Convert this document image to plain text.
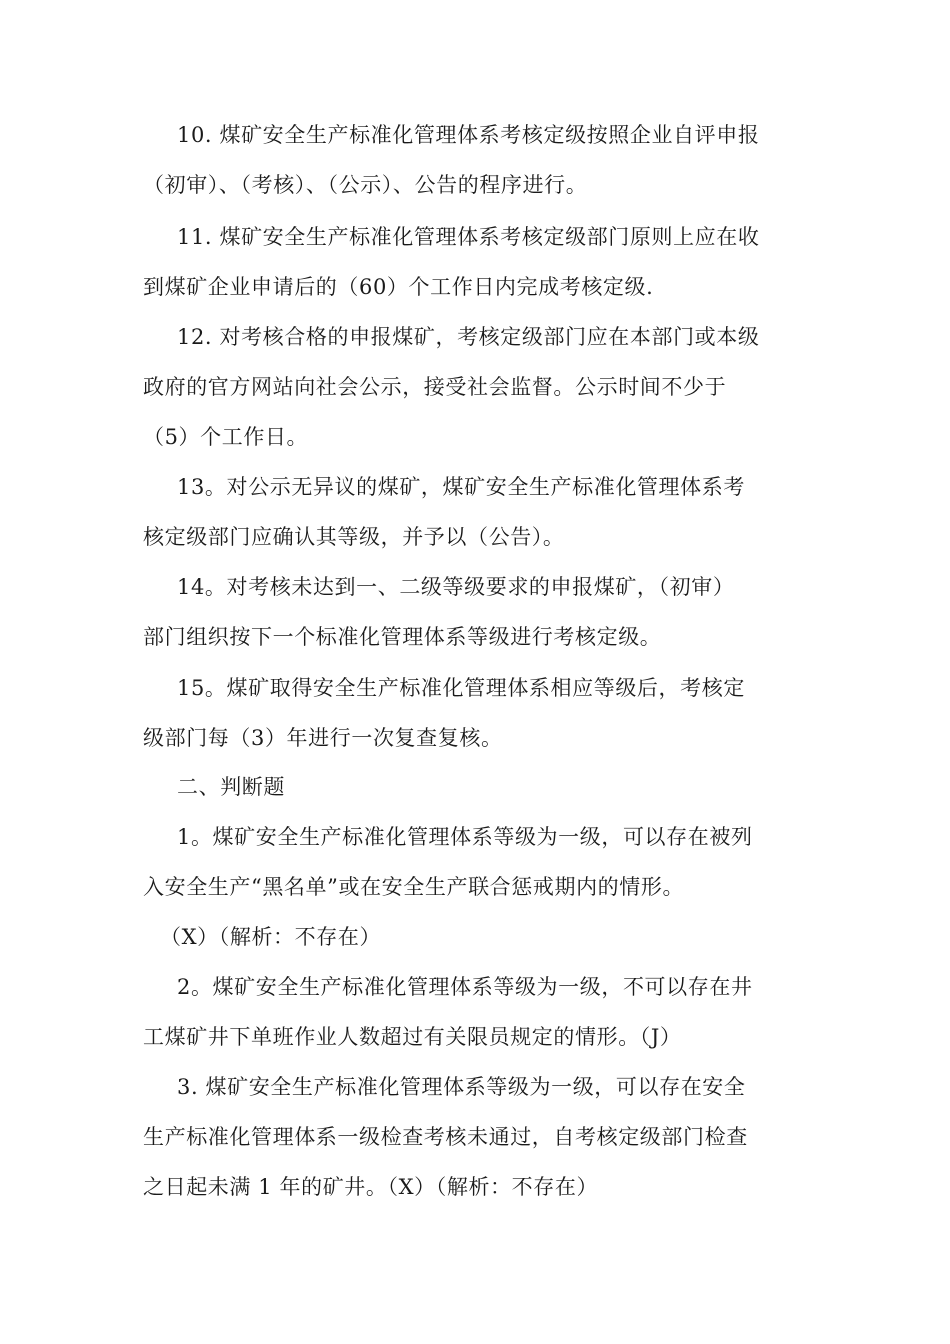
10. 煤矿安全生产标准化管理体系考核定级按照企业自评申报
（初审）、（考核）、（公示）、公告的程序进行。
11. 煤矿安全生产标准化管理体系考核定级部门原则上应在收
到煤矿企业申请后的（60）个工作日内完成考核定级.
12. 对考核合格的申报煤矿，考核定级部门应在本部门或本级
政府的官方网站向社会公示，接受社会监督。公示时间不少于
（5）个工作日。
13。对公示无异议的煤矿，煤矿安全生产标准化管理体系考
核定级部门应确认其等级，并予以（公告）。
14。对考核未达到一、二级等级要求的申报煤矿，（初审）
部门组织按下一个标准化管理体系等级进行考核定级。
15。煤矿取得安全生产标准化管理体系相应等级后，考核定
级部门每（3）年进行一次复查复核。
二、判断题
1。煤矿安全生产标准化管理体系等级为一级，可以存在被列
入安全生产“黑名单”或在安全生产联合惩戒期内的情形。
（X）（解析：不存在）
2。煤矿安全生产标准化管理体系等级为一级，不可以存在井
工煤矿井下单班作业人数超过有关限员规定的情形。（J）
3. 煤矿安全生产标准化管理体系等级为一级，可以存在安全
生产标准化管理体系一级检查考核未通过，自考核定级部门检查
之日起未满 1 年的矿井。（X）（解析：不存在）
